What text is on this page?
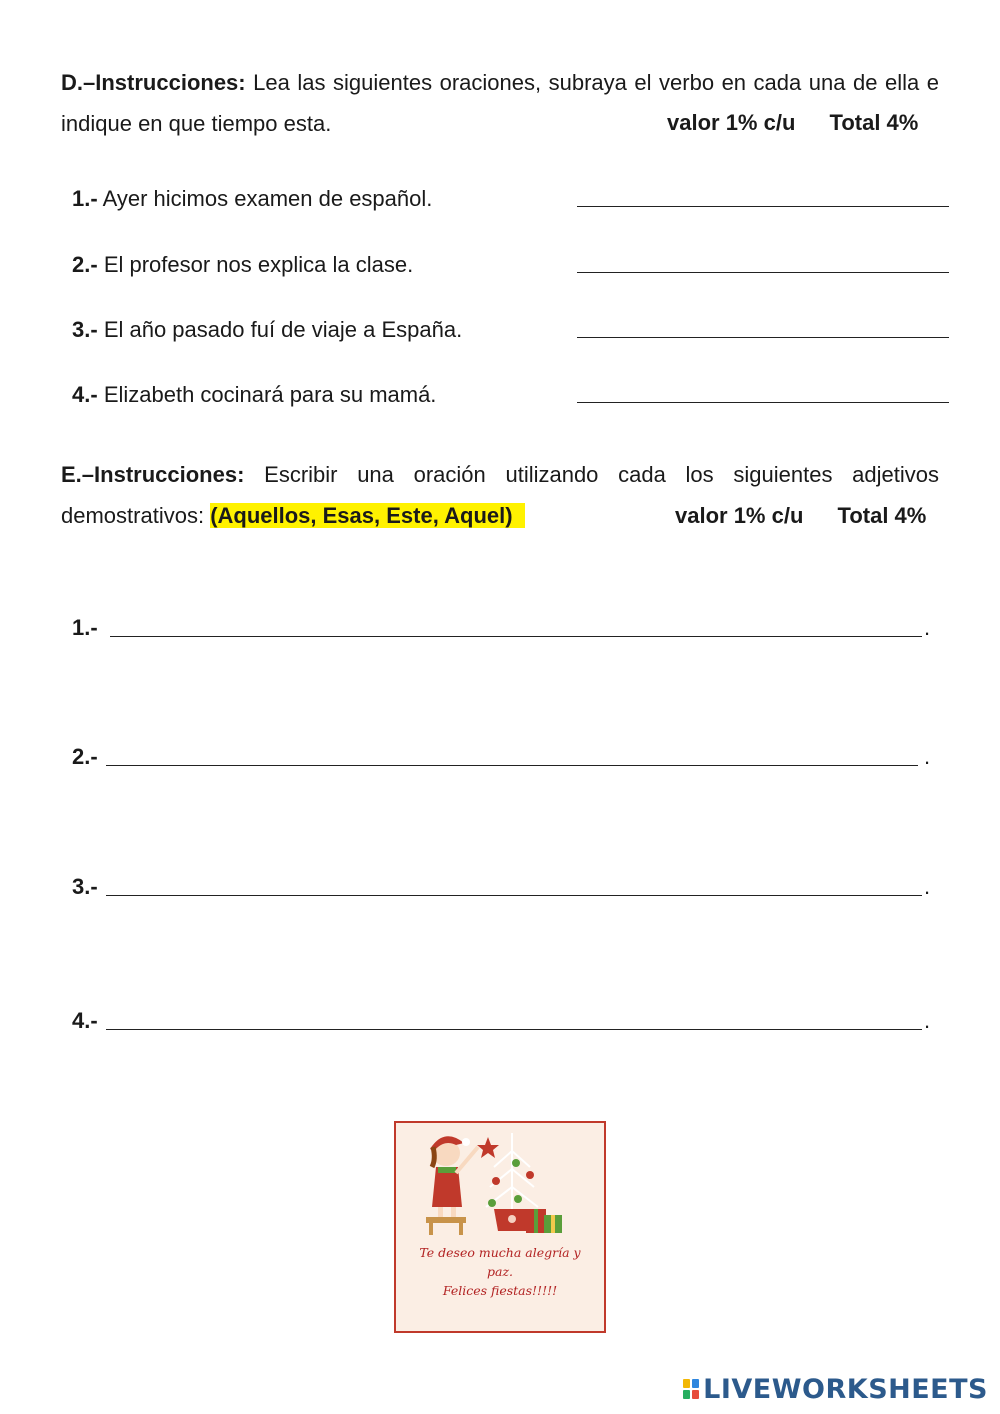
D.–Instrucciones: Lea las siguientes oraciones, subraya el verbo en cada una de ella e indique en que tiempo esta.	valor 1% c/u Total 4%
1.- Ayer hicimos examen de español.
2.- El profesor nos explica la clase.
3.- El año pasado fuí de viaje a España.
4.- Elizabeth cocinará para su mamá.
E.–Instrucciones: Escribir una oración utilizando cada los siguientes adjetivos demostrativos: (Aquellos, Esas, Este, Aquel)	valor 1% c/u Total 4%
1.-	.
2.-	.
3.-	.
4.-	.
Te deseo mucha alegría y
paz.
Felices fiestas!!!!!
LIVEWORKSHEETS
